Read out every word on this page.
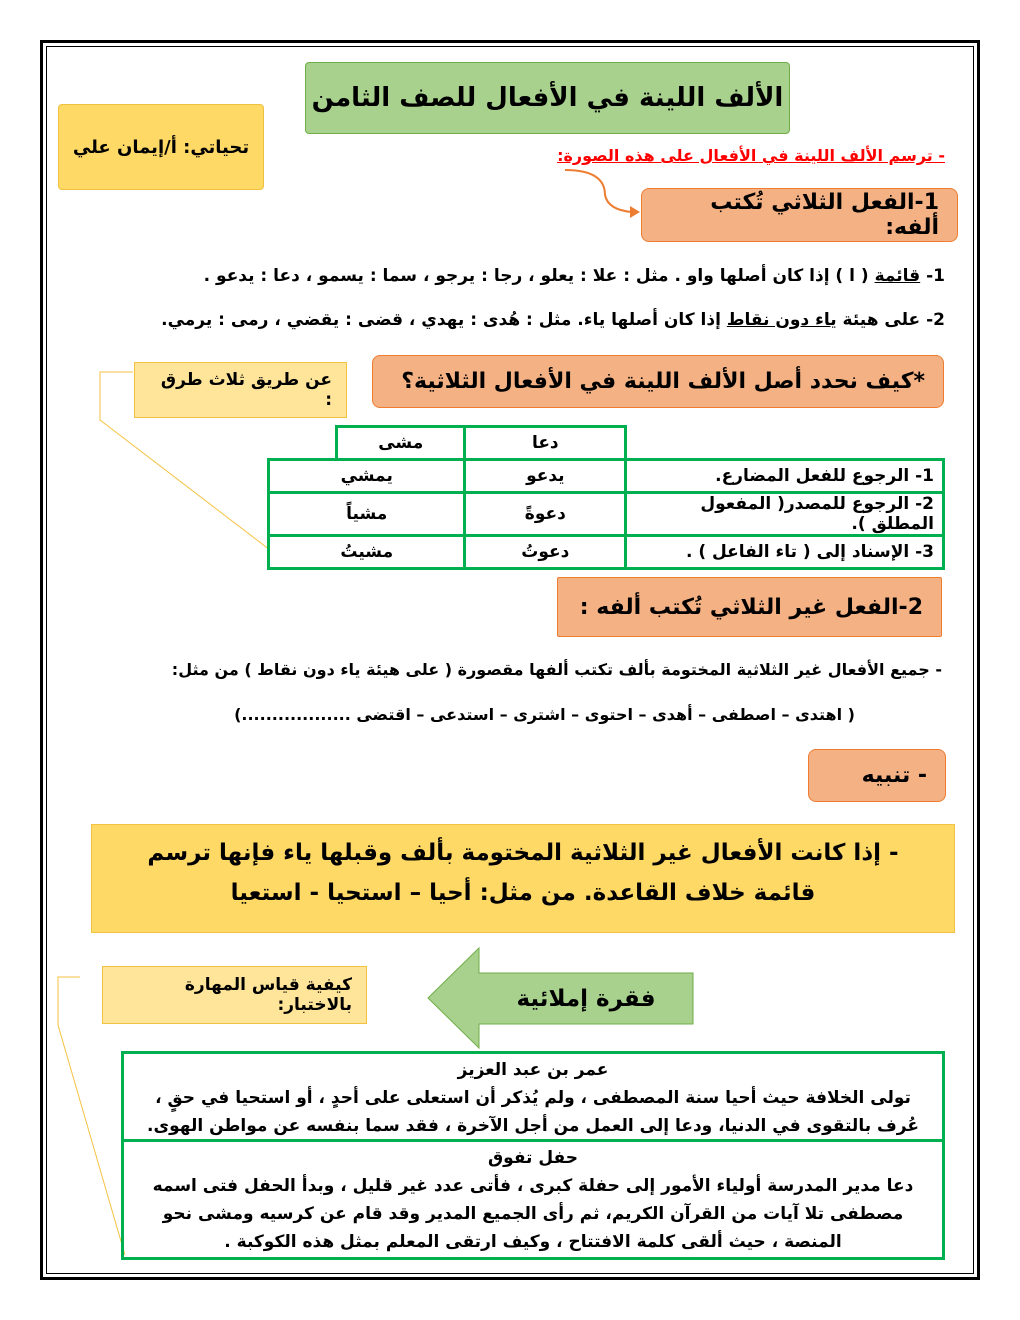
الألف اللينة في الأفعال للصف الثامن
تحياتي: أ/إيمان علي	- ترسم الألف اللينة في الأفعال على هذه الصورة:
1-الفعل الثلاثي تُكتب ألفه:
1- قائمة ( ا ) إذا كان أصلها واو . مثل : علا : يعلو ، رجا : يرجو ، سما : يسمو ، دعا : يدعو .
2- على هيئة ياء دون نقاط إذا كان أصلها ياء. مثل : هُدى : يهدي ، قضى : يقضي ، رمى : يرمي.
*كيف نحدد أصل الألف اللينة في الأفعال الثلاثية؟
عن طريق ثلاث طرق :
	دعا	مشى	
1- الرجوع للفعل المضارع.	يدعو	يمشي	
2- الرجوع للمصدر( المفعول المطلق ).	دعوةً	مشياً	
3- الإسناد إلى ( تاء الفاعل ) .	دعوتُ	مشيتُ	
2-الفعل غير الثلاثي تُكتب ألفه :
- جميع الأفعال غير الثلاثية المختومة بألف تكتب ألفها مقصورة ( على هيئة ياء دون نقاط ) من مثل:
( اهتدى – اصطفى – أهدى – احتوى – اشترى – استدعى – اقتضى ..................)
- تنبيه
- إذا كانت الأفعال غير الثلاثية المختومة بألف وقبلها ياء فإنها ترسم قائمة خلاف القاعدة. من مثل: أحيا – استحيا - استعيا
كيفية قياس المهارة بالاختبار:	فقرة إملائية
عمر بن عبد العزيز
تولى الخلافة حيث أحيا سنة المصطفى ، ولم يُذكر أن استعلى على أحدٍ ، أو استحيا في حقٍ ، عُرف بالتقوى في الدنيا، ودعا إلى العمل من أجل الآخرة ، فقد سما بنفسه عن مواطن الهوى.
حفل تفوق
دعا مدير المدرسة أولياء الأمور إلى حفلة كبرى ، فأتى عدد غير قليل ، وبدأ الحفل فتى اسمه مصطفى تلا آيات من القرآن الكريم، ثم رأى الجميع المدير وقد قام عن كرسيه ومشى نحو المنصة ، حيث ألقى كلمة الافتتاح ، وكيف ارتقى المعلم بمثل هذه الكوكبة .
